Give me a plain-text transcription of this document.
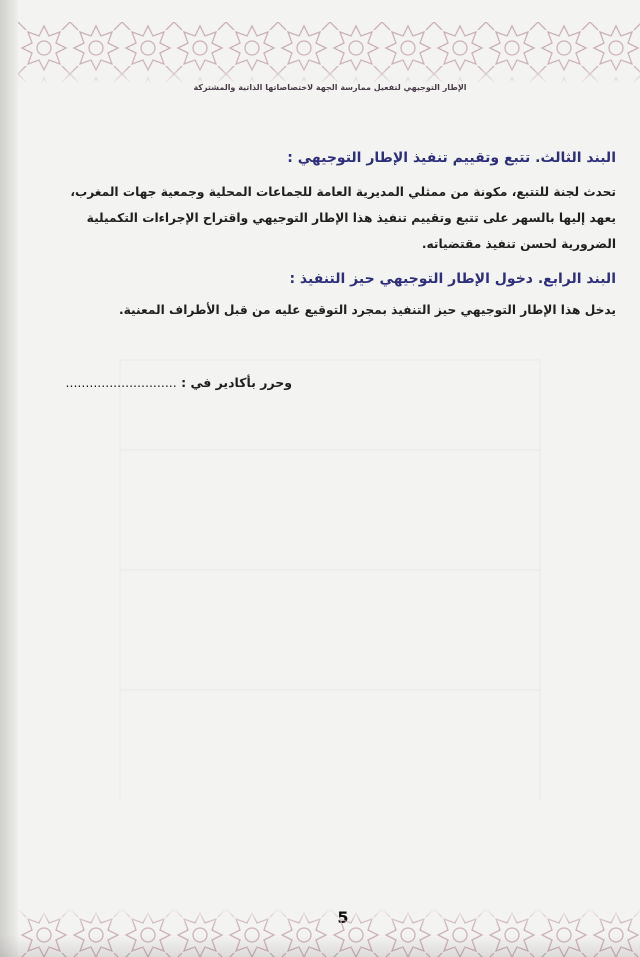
الإطار التوجيهي لتفعيل ممارسة الجهة لاختصاصاتها الذاتية والمشتركة
البند الثالث. تتبع وتقييم تنفيذ الإطار التوجيهي :
تحدث لجنة للتتبع، مكونة من ممثلي المديرية العامة للجماعات المحلية وجمعية جهات المغرب، يعهد إليها بالسهر على تتبع وتقييم تنفيذ هذا الإطار التوجيهي واقتراح الإجراءات التكميلية الضرورية لحسن تنفيذ مقتضياته.
البند الرابع. دخول الإطار التوجيهي حيز التنفيذ :
يدخل هذا الإطار التوجيهي حيز التنفيذ بمجرد التوقيع عليه من قبل الأطراف المعنية.
وحرر بأكادير في : ............................
